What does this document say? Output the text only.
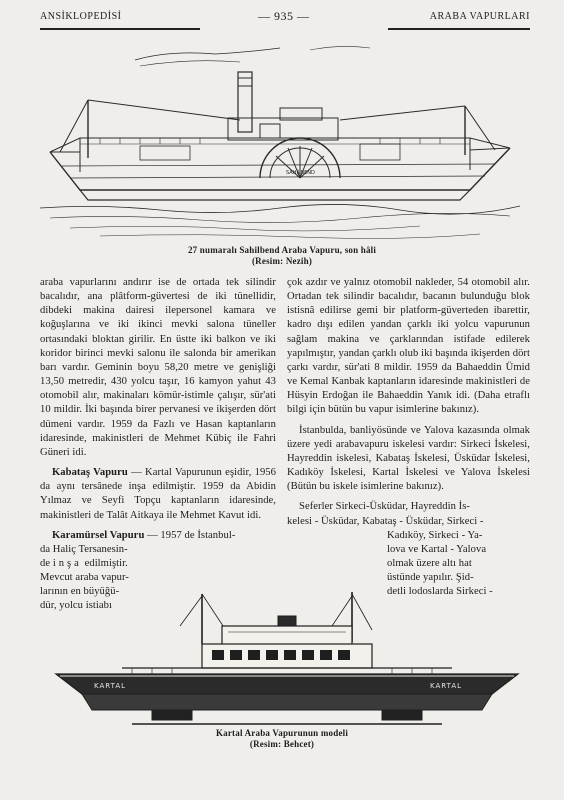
ANSİKLOPEDİSİ	— 935 —	ARABA VAPURLARI
SAHİLBEND
27 numaralı Sahilbend Araba Vapuru, son hâli
(Resim: Nezih)

araba vapurlarını andırır ise de ortada tek silindir bacalıdır, ana plâtform-güvertesi de iki tünellidir, dibdeki makina dairesi ilepersonel kamara ve koğuşlarına ve iki ikinci mevki salona tüneller ortasındaki bloktan girilir. En üstte iki balkon ve iki koridor birinci mevki salonu ile salonda bir amerikan barı vardır. Geminin boyu 58,20 metre ve genişliği 13,50 metredir, 430 yolcu taşır, 16 kamyon yahut 43 otomobil alır, makinaları kömür-istimle çalışır, sür'ati 10 mildir. İki başında birer pervanesi ve ikişerden dört dümeni vardır. 1959 da Fazlı ve Hasan kaptanların idaresinde, makinistleri de Mehmet Kübiç ile Fahri Güneri idi.

Kabataş Vapuru — Kartal Vapurunun eşidir, 1956 da aynı tersânede inşa edilmiştir. 1959 da Abidin Yılmaz ve Seyfi Topçu kaptanların idaresinde, makinistleri de Talât Aitkaya ile Mehmet Kavut idi.

Karamürsel Vapuru — 1957 de İstanbul-

da Haliç Tersanesin-
de inşa edilmiştir.
Mevcut araba vapur-
larının en büyüğü-
dür, yolcu istiabı

çok azdır ve yalnız otomobil nakleder, 54 otomobil alır. Ortadan tek silindir bacalıdır, bacanın bulunduğu blok istisnâ edilirse gemi bir platform-güverteden ibarettir, kadro dışı edilen yandan çarklı iki yolcu vapurunun sağlam makina ve çarklarından istifade edilerek yapılmıştır, yandan çarklı olub iki başında ikişerden dört çarkı vardır, sür'ati 8 mildir. 1959 da Bahaeddin Ümid ve Kemal Kanbak kaptanların idaresinde makinistleri de Hüsyin Erdoğan ile Bahaeddin Yanık idi. (Daha etraflı bilgi için bütün bu vapur isimlerine bakınız).

İstanbulda, banliyösünde ve Yalova kazasında olmak üzere yedi arabavapuru iskelesi vardır: Sirkeci İskelesi, Hayreddin iskelesi, Kabataş İskelesi, Üsküdar İskelesi, Kadıköy İskelesi, Kartal İskelesi ve Yalova İskelesi (Bütün bu iskele isimlerine bakınız).

Seferler Sirkeci-Üsküdar, Hayreddin İs-

kelesi - Üsküdar, Kabataş - Üsküdar, Sirkeci -
Kadıköy, Sirkeci - Ya-
lova ve Kartal - Yalova
olmak üzere altı hat
üstünde yapılır. Şid-
detli lodoslarda Sirkeci -
KARTAL	KARTAL
Kartal Araba Vapurunun modeli
(Resim: Behcet)
